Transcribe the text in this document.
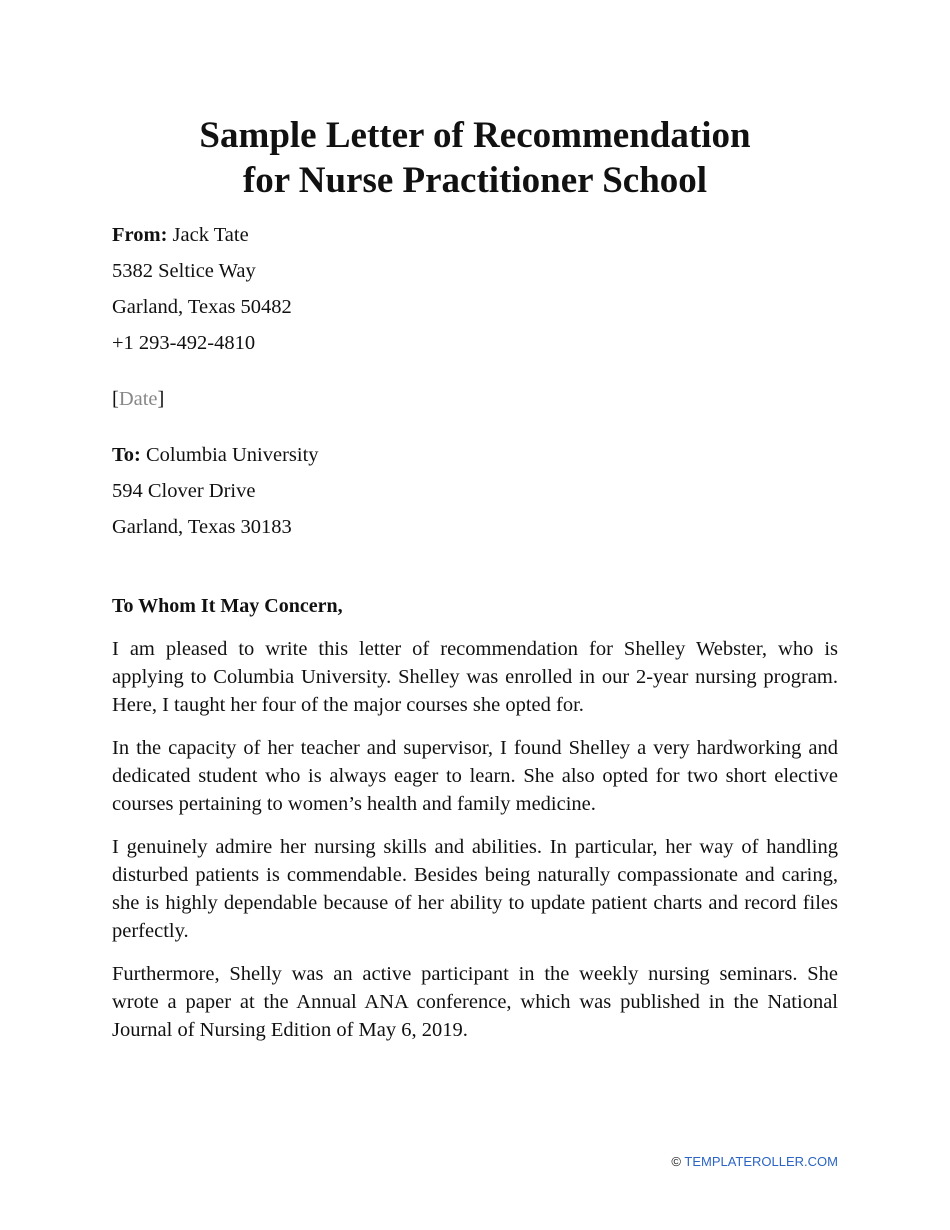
Sample Letter of Recommendation
for Nurse Practitioner School
From: Jack Tate
5382 Seltice Way
Garland, Texas 50482
+1 293-492-4810
[Date]
To: Columbia University
594 Clover Drive
Garland, Texas 30183
To Whom It May Concern,

I am pleased to write this letter of recommendation for Shelley Webster, who is applying to Columbia University. Shelley was enrolled in our 2-year nursing program. Here, I taught her four of the major courses she opted for.

In the capacity of her teacher and supervisor, I found Shelley a very hardworking and dedicated student who is always eager to learn. She also opted for two short elective courses pertaining to women’s health and family medicine.

I genuinely admire her nursing skills and abilities. In particular, her way of handling disturbed patients is commendable. Besides being naturally compassionate and caring, she is highly dependable because of her ability to update patient charts and record files perfectly.

Furthermore, Shelly was an active participant in the weekly nursing seminars. She wrote a paper at the Annual ANA conference, which was published in the National Journal of Nursing Edition of May 6, 2019.

© TEMPLATEROLLER.COM
